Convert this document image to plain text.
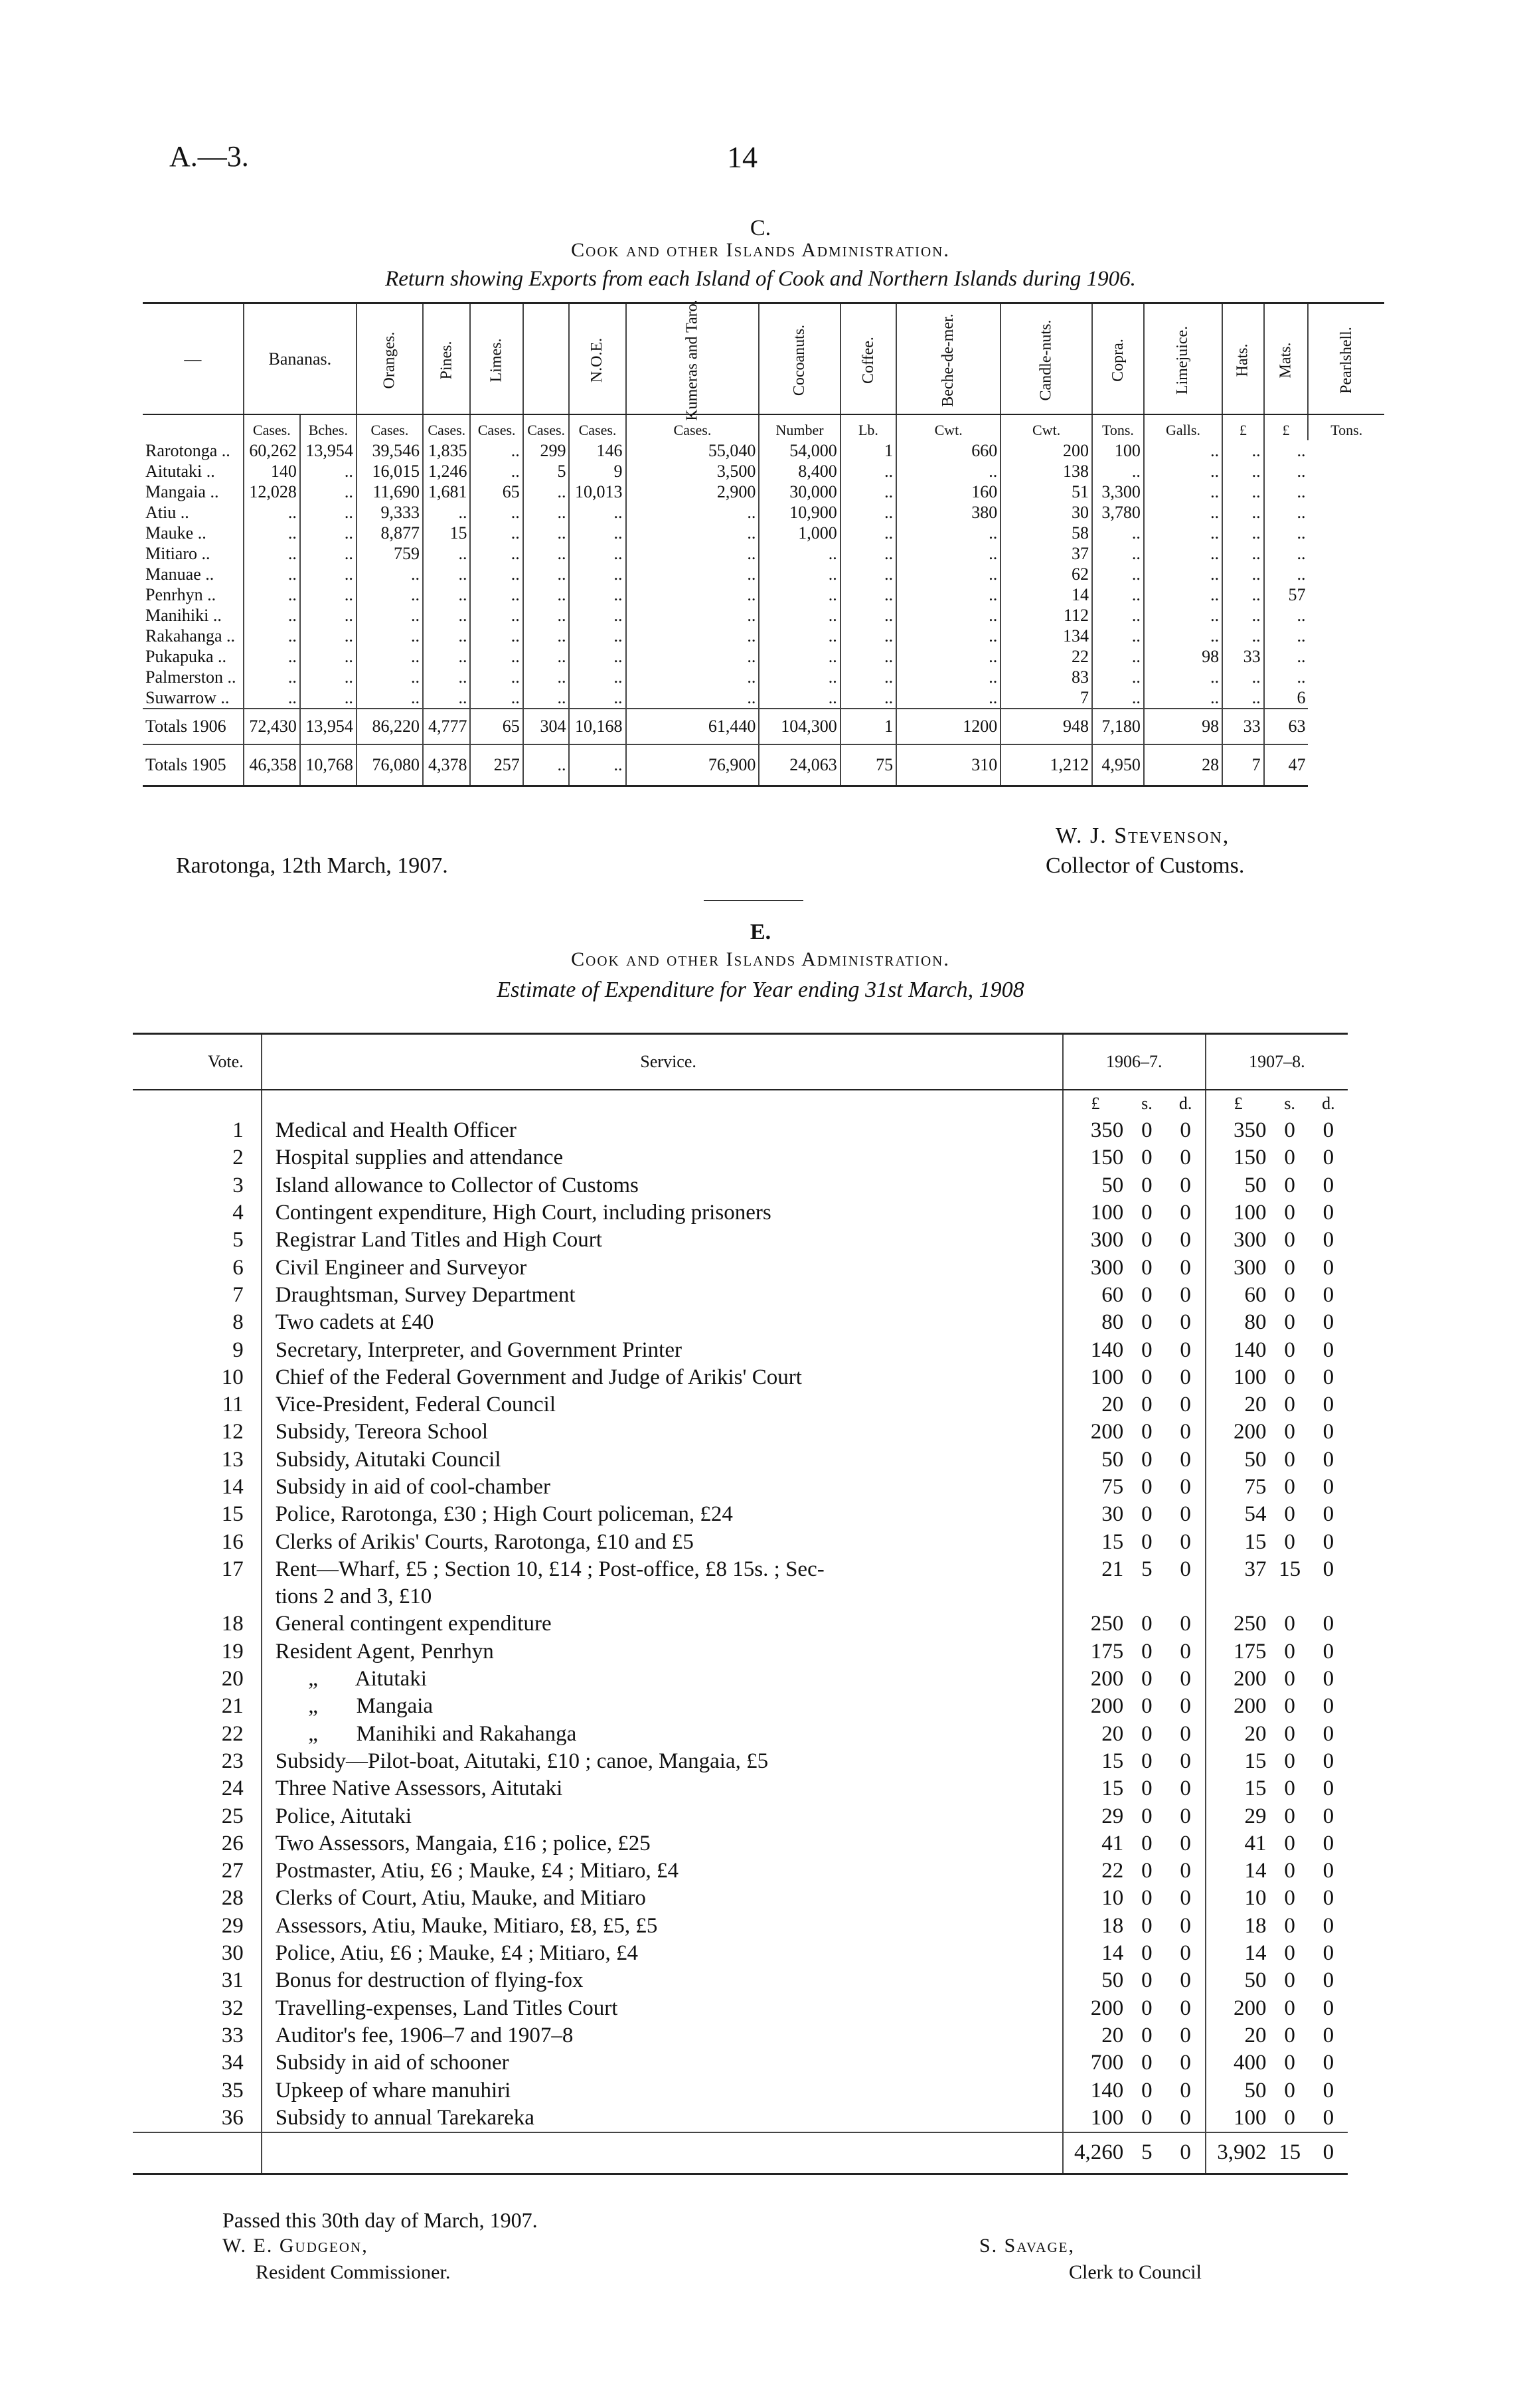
A.—3.	14
C.
Cook and other Islands Administration.
Return showing Exports from each Island of Cook and Northern Islands during 1906.
—	Bananas.		Oranges.	Pines.	Limes.		N.O.E.	Kumeras and Taro.	Cocoanuts.	Coffee.	Beche-de-mer.	Candle-nuts.	Copra.	Limejuice.	Hats.	Mats.	Pearlshell.
	Cases.	Bches.	Cases.	Cases.	Cases.	Cases.	Cases.	Cases.	Number	Lb.	Cwt.	Cwt.	Tons.	Galls.	£	£	Tons.
Rarotonga ..	60,262	13,954	39,546	1,835	..	299	146	55,040	54,000	1	660	200	100	..	..	..	
Aitutaki ..	140	..	16,015	1,246	..	5	9	3,500	8,400	..	..	138	..	..	..	..	
Mangaia ..	12,028	..	11,690	1,681	65	..	10,013	2,900	30,000	..	160	51	3,300	..	..	..	
Atiu ..	..	..	9,333	..	..	..	..	..	10,900	..	380	30	3,780	..	..	..	
Mauke ..	..	..	8,877	15	..	..	..	..	1,000	..	..	58	..	..	..	..	
Mitiaro ..	..	..	759	..	..	..	..	..	..	..	..	37	..	..	..	..	
Manuae ..	..	..	..	..	..	..	..	..	..	..	..	62	..	..	..	..	
Penrhyn ..	..	..	..	..	..	..	..	..	..	..	..	14	..	..	..	57	
Manihiki ..	..	..	..	..	..	..	..	..	..	..	..	112	..	..	..	..	
Rakahanga ..	..	..	..	..	..	..	..	..	..	..	..	134	..	..	..	..	
Pukapuka ..	..	..	..	..	..	..	..	..	..	..	..	22	..	98	33	..	
Palmerston ..	..	..	..	..	..	..	..	..	..	..	..	83	..	..	..	..	
Suwarrow ..	..	..	..	..	..	..	..	..	..	..	..	7	..	..	..	6	
Totals 1906	72,430	13,954	86,220	4,777	65	304	10,168	61,440	104,300	1	1200	948	7,180	98	33	63	
Totals 1905	46,358	10,768	76,080	4,378	257	..	..	76,900	24,063	75	310	1,212	4,950	28	7	47	
W. J. Stevenson,
Rarotonga, 12th March, 1907.	Collector of Customs.
E.
Cook and other Islands Administration.
Estimate of Expenditure for Year ending 31st March, 1908
Vote.	Service.	1906–7.			1907–8.		
		£	s.	d.	£	s.	d.
1	Medical and Health Officer	350	0	0	350	0	0
2	Hospital supplies and attendance	150	0	0	150	0	0
3	Island allowance to Collector of Customs	50	0	0	50	0	0
4	Contingent expenditure, High Court, including prisoners	100	0	0	100	0	0
5	Registrar Land Titles and High Court	300	0	0	300	0	0
6	Civil Engineer and Surveyor	300	0	0	300	0	0
7	Draughtsman, Survey Department	60	0	0	60	0	0
8	Two cadets at £40	80	0	0	80	0	0
9	Secretary, Interpreter, and Government Printer	140	0	0	140	0	0
10	Chief of the Federal Government and Judge of Arikis' Court	100	0	0	100	0	0
11	Vice-President, Federal Council	20	0	0	20	0	0
12	Subsidy, Tereora School	200	0	0	200	0	0
13	Subsidy, Aitutaki Council	50	0	0	50	0	0
14	Subsidy in aid of cool-chamber	75	0	0	75	0	0
15	Police, Rarotonga, £30 ; High Court policeman, £24	30	0	0	54	0	0
16	Clerks of Arikis' Courts, Rarotonga, £10 and £5	15	0	0	15	0	0
17	Rent—Wharf, £5 ; Section 10, £14 ; Post-office, £8 15s. ; Sec-	21	5	0	37	15	0
	tions 2 and 3, £10						
18	General contingent expenditure	250	0	0	250	0	0
19	Resident Agent, Penrhyn	175	0	0	175	0	0
20	„       Aitutaki	200	0	0	200	0	0
21	„       Mangaia	200	0	0	200	0	0
22	„       Manihiki and Rakahanga	20	0	0	20	0	0
23	Subsidy—Pilot-boat, Aitutaki, £10 ; canoe, Mangaia, £5	15	0	0	15	0	0
24	Three Native Assessors, Aitutaki	15	0	0	15	0	0
25	Police, Aitutaki	29	0	0	29	0	0
26	Two Assessors, Mangaia, £16 ; police, £25	41	0	0	41	0	0
27	Postmaster, Atiu, £6 ; Mauke, £4 ; Mitiaro, £4	22	0	0	14	0	0
28	Clerks of Court, Atiu, Mauke, and Mitiaro	10	0	0	10	0	0
29	Assessors, Atiu, Mauke, Mitiaro, £8, £5, £5	18	0	0	18	0	0
30	Police, Atiu, £6 ; Mauke, £4 ; Mitiaro, £4	14	0	0	14	0	0
31	Bonus for destruction of flying-fox	50	0	0	50	0	0
32	Travelling-expenses, Land Titles Court	200	0	0	200	0	0
33	Auditor's fee, 1906–7 and 1907–8	20	0	0	20	0	0
34	Subsidy in aid of schooner	700	0	0	400	0	0
35	Upkeep of whare manuhiri	140	0	0	50	0	0
36	Subsidy to annual Tarekareka	100	0	0	100	0	0
		4,260	5	0	3,902	15	0
Passed this 30th day of March, 1907.
W. E. Gudgeon,
Resident Commissioner.
S. Savage,
Clerk to Council
